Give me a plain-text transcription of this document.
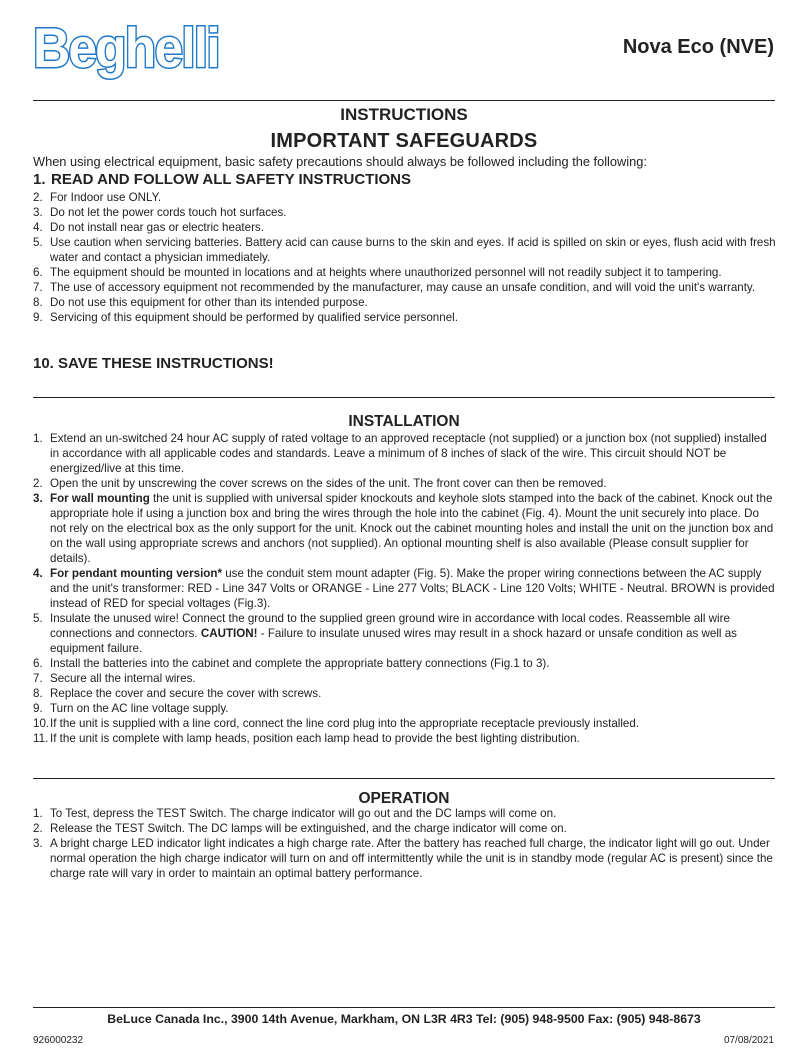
Beghelli	Nova Eco (NVE)
INSTRUCTIONS
IMPORTANT SAFEGUARDS
When using electrical equipment, basic safety precautions should always be followed including the following:
1. READ AND FOLLOW ALL SAFETY INSTRUCTIONS
2. For Indoor use ONLY.
3. Do not let the power cords touch hot surfaces.
4. Do not install near gas or electric heaters.
5. Use caution when servicing batteries. Battery acid can cause burns to the skin and eyes. If acid is spilled on skin or eyes, flush acid with fresh water and contact a physician immediately.
6. The equipment should be mounted in locations and at heights where unauthorized personnel will not readily subject it to tampering.
7. The use of accessory equipment not recommended by the manufacturer, may cause an unsafe condition, and will void the unit's warranty.
8. Do not use this equipment for other than its intended purpose.
9. Servicing of this equipment should be performed by qualified service personnel.
10. SAVE THESE INSTRUCTIONS!
INSTALLATION
1. Extend an un-switched 24 hour AC supply of rated voltage to an approved receptacle (not supplied) or a junction box (not supplied) installed in accordance with all applicable codes and standards. Leave a minimum of 8 inches of slack of the wire. This circuit should NOT be energized/live at this time.
2. Open the unit by unscrewing the cover screws on the sides of the unit. The front cover can then be removed.
3. For wall mounting the unit is supplied with universal spider knockouts and keyhole slots stamped into the back of the cabinet. Knock out the appropriate hole if using a junction box and bring the wires through the hole into the cabinet (Fig. 4). Mount the unit securely into place. Do not rely on the electrical box as the only support for the unit. Knock out the cabinet mounting holes and install the unit on the junction box and on the wall using appropriate screws and anchors (not supplied). An optional mounting shelf is also available (Please consult supplier for details).
4. For pendant mounting version* use the conduit stem mount adapter (Fig. 5). Make the proper wiring connections between the AC supply and the unit's transformer: RED - Line 347 Volts or ORANGE - Line 277 Volts; BLACK - Line 120 Volts; WHITE - Neutral. BROWN is provided instead of RED for special voltages (Fig.3).
5. Insulate the unused wire! Connect the ground to the supplied green ground wire in accordance with local codes. Reassemble all wire connections and connectors. CAUTION! - Failure to insulate unused wires may result in a shock hazard or unsafe condition as well as equipment failure.
6. Install the batteries into the cabinet and complete the appropriate battery connections (Fig.1 to 3).
7. Secure all the internal wires.
8. Replace the cover and secure the cover with screws.
9. Turn on the AC line voltage supply.
10. If the unit is supplied with a line cord, connect the line cord plug into the appropriate receptacle previously installed.
11. If the unit is complete with lamp heads, position each lamp head to provide the best lighting distribution.
OPERATION
1. To Test, depress the TEST Switch. The charge indicator will go out and the DC lamps will come on.
2. Release the TEST Switch. The DC lamps will be extinguished, and the charge indicator will come on.
3. A bright charge LED indicator light indicates a high charge rate. After the battery has reached full charge, the indicator light will go out. Under normal operation the high charge indicator will turn on and off intermittently while the unit is in standby mode (regular AC is present) since the charge rate will vary in order to maintain an optimal battery performance.
BeLuce Canada Inc., 3900 14th Avenue, Markham, ON L3R 4R3 Tel: (905) 948-9500 Fax: (905) 948-8673
926000232	07/08/2021
